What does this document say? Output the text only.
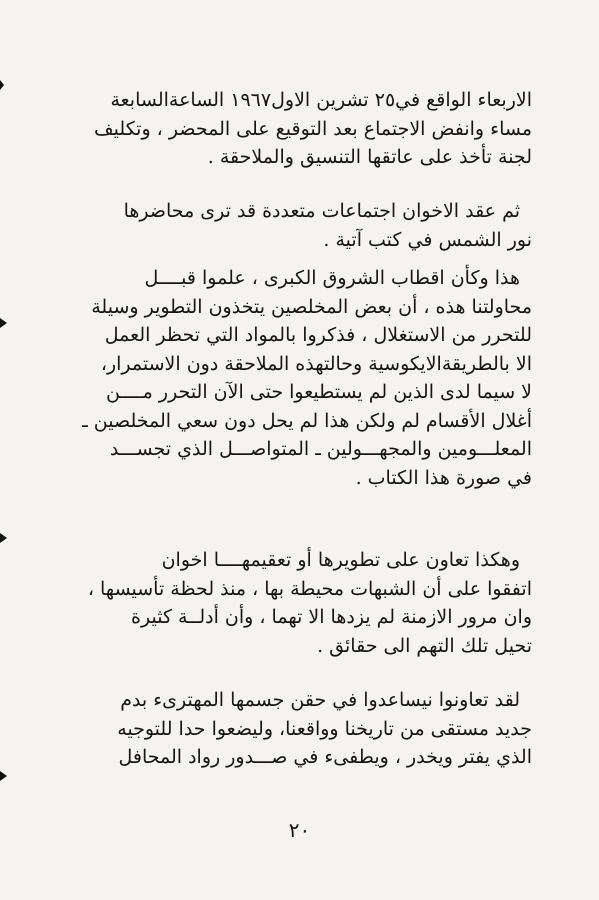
الاربعاء الواقع في٢٥ تشرين الاول١٩٦٧ الساعةالسابعة
مساء وانفض الاجتماع بعد التوقيع على المحضر ، وتكليف
لجنة تأخذ على عاتقها التنسيق والملاحقة .
ثم عقد الاخوان اجتماعات متعددة قد ترى محاضرها
نور الشمس في كتب آتية .
هذا وكأن اقطاب الشروق الكبرى ، علموا قبــــل
محاولتنا هذه ، أن بعض المخلصين يتخذون التطوير وسيلة
للتحرر من الاستغلال ، فذكروا بالمواد التي تحظر العمل
الا بالطريقةالايكوسية وحالتهذه الملاحقة دون الاستمرار،
لا سيما لدى الذين لم يستطيعوا حتى الآن التحرر مــــن
أغلال الأقسام لم ولكن هذا لم يحل دون سعي المخلصين ـ
المعلـــومين والمجهـــولين ـ المتواصـــل الذي تجســـد
في صورة هذا الكتاب .
وهكذا تعاون على تطويرها أو تعقيمهــــا اخوان
اتفقوا على أن الشبهات محيطة بها ، منذ لحظة تأسيسها ،
وان مرور الازمنة لم يزدها الا تهما ، وأن أدلــة كثيرة
تحيل تلك التهم الى حقائق .
لقد تعاونوا نيساعدوا في حقن جسمها المهترىء بدم
جديد مستقى من تاريخنا وواقعنا، وليضعوا حدا للتوجيه
الذي يفتر ويخدر ، ويطفىء في صـــدور رواد المحافل
٢٠
